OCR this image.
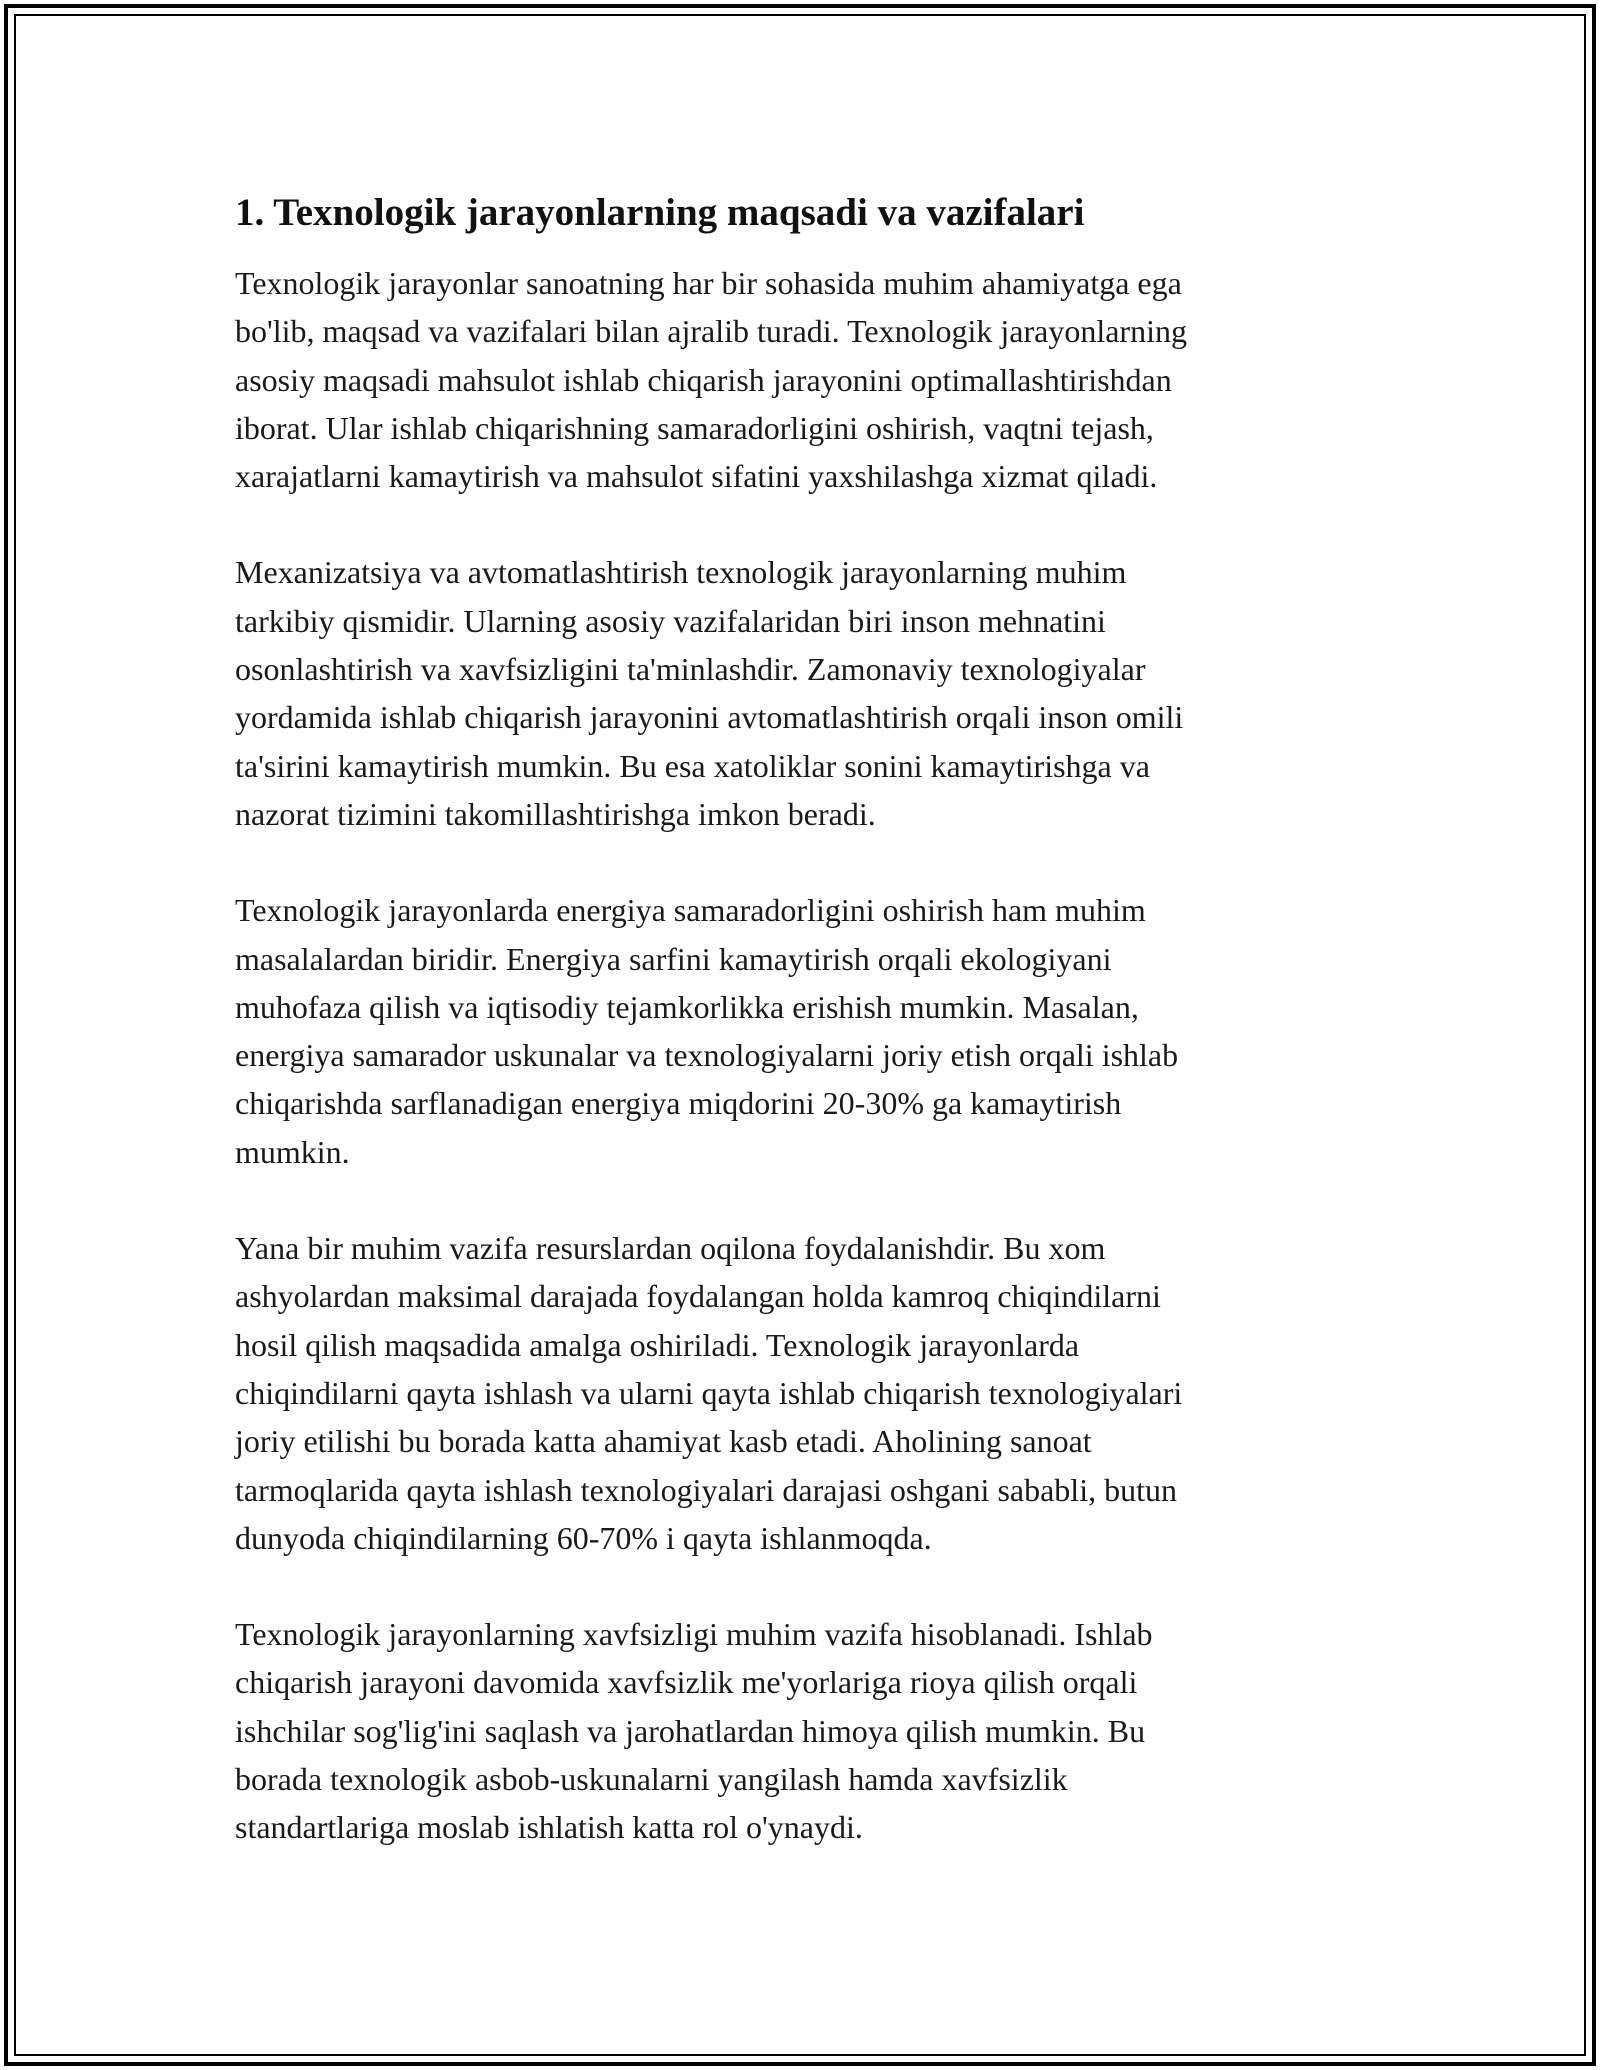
1. Texnologik jarayonlarning maqsadi va vazifalari

Texnologik jarayonlar sanoatning har bir sohasida muhim ahamiyatga ega
bo'lib, maqsad va vazifalari bilan ajralib turadi. Texnologik jarayonlarning
asosiy maqsadi mahsulot ishlab chiqarish jarayonini optimallashtirishdan
iborat. Ular ishlab chiqarishning samaradorligini oshirish, vaqtni tejash,
xarajatlarni kamaytirish va mahsulot sifatini yaxshilashga xizmat qiladi.

Mexanizatsiya va avtomatlashtirish texnologik jarayonlarning muhim
tarkibiy qismidir. Ularning asosiy vazifalaridan biri inson mehnatini
osonlashtirish va xavfsizligini ta'minlashdir. Zamonaviy texnologiyalar
yordamida ishlab chiqarish jarayonini avtomatlashtirish orqali inson omili
ta'sirini kamaytirish mumkin. Bu esa xatoliklar sonini kamaytirishga va
nazorat tizimini takomillashtirishga imkon beradi.

Texnologik jarayonlarda energiya samaradorligini oshirish ham muhim
masalalardan biridir. Energiya sarfini kamaytirish orqali ekologiyani
muhofaza qilish va iqtisodiy tejamkorlikka erishish mumkin. Masalan,
energiya samarador uskunalar va texnologiyalarni joriy etish orqali ishlab
chiqarishda sarflanadigan energiya miqdorini 20-30% ga kamaytirish
mumkin.

Yana bir muhim vazifa resurslardan oqilona foydalanishdir. Bu xom
ashyolardan maksimal darajada foydalangan holda kamroq chiqindilarni
hosil qilish maqsadida amalga oshiriladi. Texnologik jarayonlarda
chiqindilarni qayta ishlash va ularni qayta ishlab chiqarish texnologiyalari
joriy etilishi bu borada katta ahamiyat kasb etadi. Aholining sanoat
tarmoqlarida qayta ishlash texnologiyalari darajasi oshgani sababli, butun
dunyoda chiqindilarning 60-70% i qayta ishlanmoqda.

Texnologik jarayonlarning xavfsizligi muhim vazifa hisoblanadi. Ishlab
chiqarish jarayoni davomida xavfsizlik me'yorlariga rioya qilish orqali
ishchilar sog'lig'ini saqlash va jarohatlardan himoya qilish mumkin. Bu
borada texnologik asbob-uskunalarni yangilash hamda xavfsizlik
standartlariga moslab ishlatish katta rol o'ynaydi.
